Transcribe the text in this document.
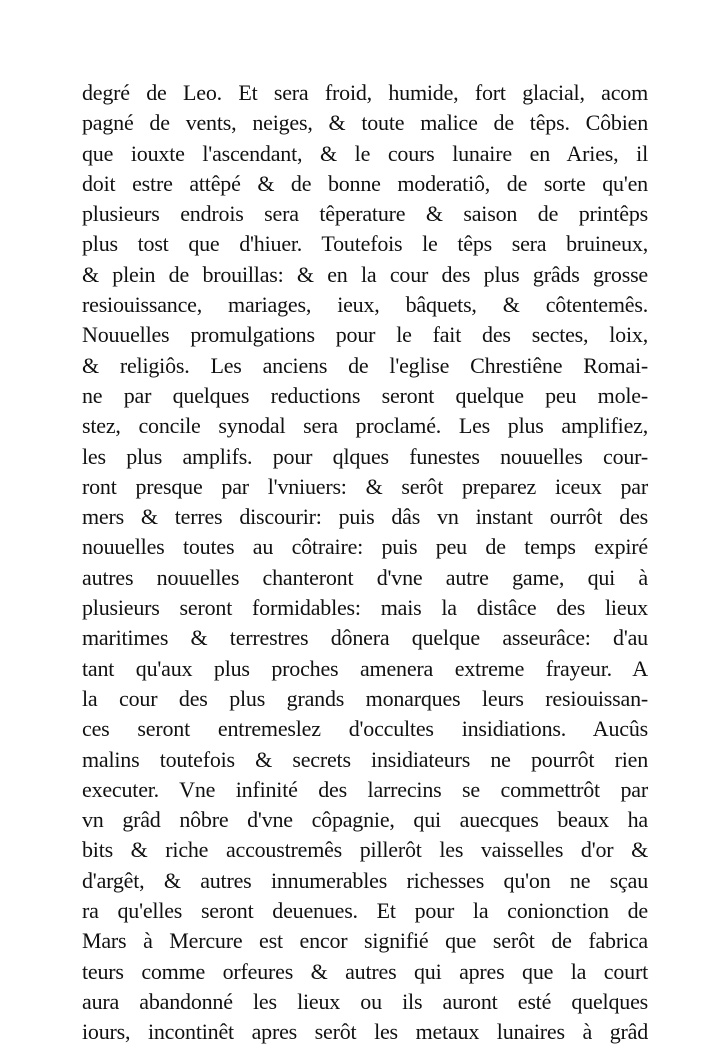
degré de Leo. Et sera froid, humide, fort glacial, acom
pagné de vents, neiges, & toute malice de têps. Côbien
que iouxte l'ascendant, & le cours lunaire en Aries, il
doit estre attêpé & de bonne moderatiô, de sorte qu'en
plusieurs endrois sera têperature & saison de printêps
plus tost que d'hiuer. Toutefois le têps sera bruineux,
& plein de brouillas: & en la cour des plus grâds grosse
resiouissance, mariages, ieux, bâquets, & côtentemês.
Nouuelles promulgations pour le fait des sectes, loix,
& religiôs. Les anciens de l'eglise Chrestiêne Romai-
ne par quelques reductions seront quelque peu mole-
stez, concile synodal sera proclamé. Les plus amplifiez,
les plus amplifs. pour qlques funestes nouuelles cour-
ront presque par l'vniuers: & serôt preparez iceux par
mers & terres discourir: puis dâs vn instant ourrôt des
nouuelles toutes au côtraire: puis peu de temps expiré
autres nouuelles chanteront d'vne autre game, qui à
plusieurs seront formidables: mais la distâce des lieux
maritimes & terrestres dônera quelque asseurâce: d'au
tant qu'aux plus proches amenera extreme frayeur. A
la cour des plus grands monarques leurs resiouissan-
ces seront entremeslez d'occultes insidiations. Aucûs
malins toutefois & secrets insidiateurs ne pourrôt rien
executer. Vne infinité des larrecins se commettrôt par
vn grâd nôbre d'vne côpagnie, qui auecques beaux ha
bits & riche accoustremês pillerôt les vaisselles d'or &
d'argêt, & autres innumerables richesses qu'on ne sçau
ra qu'elles seront deuenues. Et pour la conionction de
Mars à Mercure est encor signifié que serôt de fabrica
teurs comme orfeures & autres qui apres que la court
aura abandonné les lieux ou ils auront esté quelques
iours, incontinêt apres serôt les metaux lunaires à grâd
